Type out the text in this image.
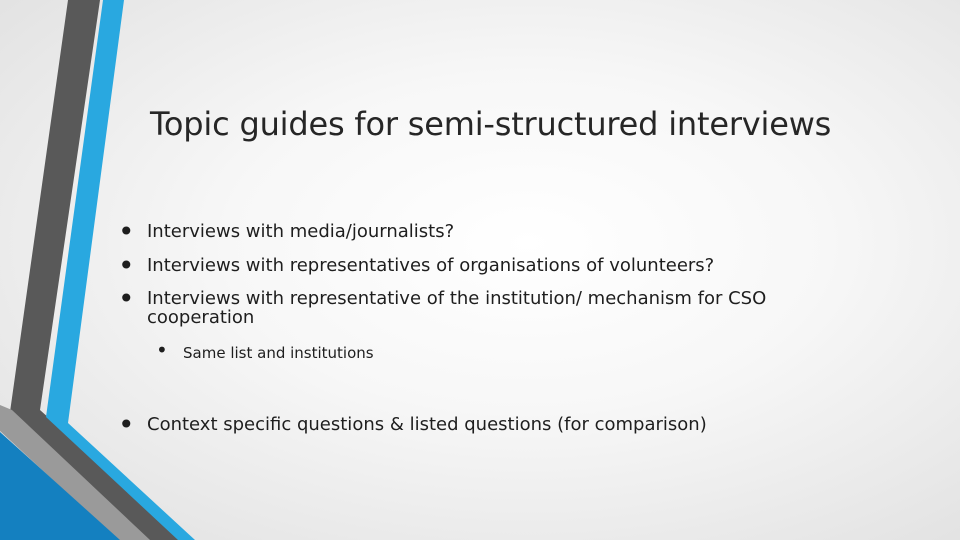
Topic guides for semi-structured interviews
• Interviews with media/journalists?
• Interviews with representatives of organisations of volunteers?
• Interviews with representative of the institution/ mechanism for CSO
cooperation
• Same list and institutions
• Context specific questions & listed questions (for comparison)
